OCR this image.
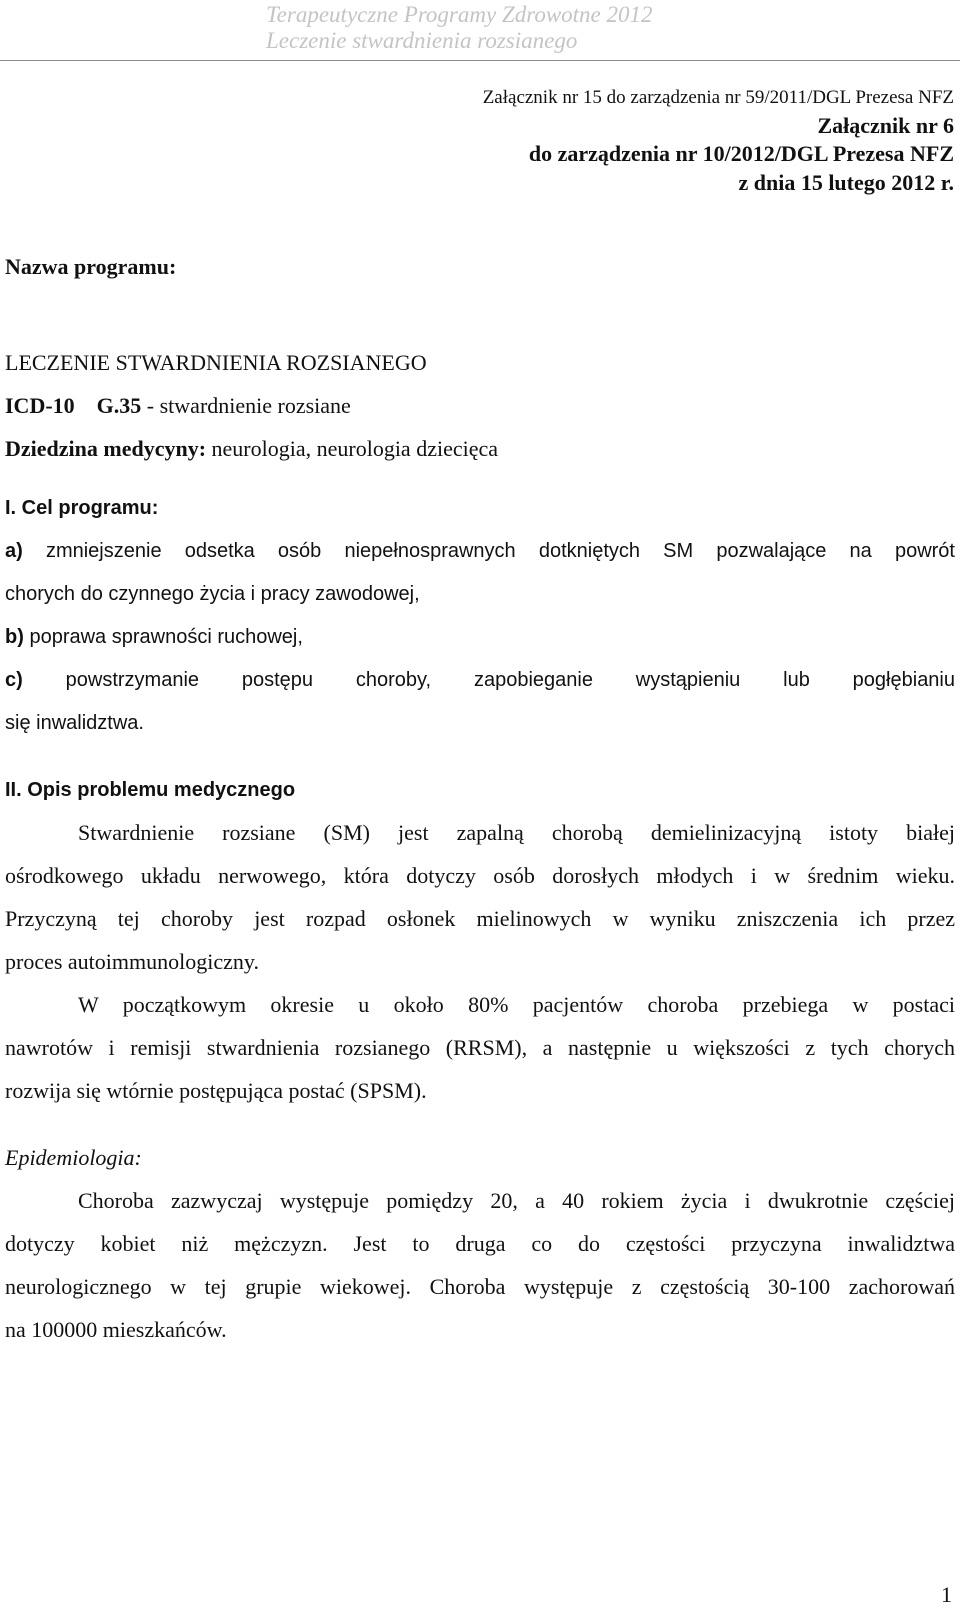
Terapeutyczne Programy Zdrowotne 2012
Leczenie stwardnienia rozsianego
Załącznik nr 15 do zarządzenia nr 59/2011/DGL Prezesa NFZ
Załącznik nr 6
do zarządzenia nr 10/2012/DGL Prezesa NFZ
z dnia 15 lutego 2012 r.
Nazwa programu:
LECZENIE STWARDNIENIA ROZSIANEGO
ICD-10 G.35 - stwardnienie rozsiane
Dziedzina medycyny: neurologia, neurologia dziecięca
I. Cel programu:
a) zmniejszenie odsetka osób niepełnosprawnych dotkniętych SM pozwalające na powrót
chorych do czynnego życia i pracy zawodowej,
b) poprawa sprawności ruchowej,
c) powstrzymanie postępu choroby, zapobieganie wystąpieniu lub pogłębianiu
się inwalidztwa.
II. Opis problemu medycznego
Stwardnienie rozsiane (SM) jest zapalną chorobą demielinizacyjną istoty białej
ośrodkowego układu nerwowego, która dotyczy osób dorosłych młodych i w średnim wieku.
Przyczyną tej choroby jest rozpad osłonek mielinowych w wyniku zniszczenia ich przez
proces autoimmunologiczny.
W początkowym okresie u około 80% pacjentów choroba przebiega w postaci
nawrotów i remisji stwardnienia rozsianego (RRSM), a następnie u większości z tych chorych
rozwija się wtórnie postępująca postać (SPSM).
Epidemiologia:
Choroba zazwyczaj występuje pomiędzy 20, a 40 rokiem życia i dwukrotnie częściej
dotyczy kobiet niż mężczyzn. Jest to druga co do częstości przyczyna inwalidztwa
neurologicznego w tej grupie wiekowej. Choroba występuje z częstością 30-100 zachorowań
na 100000 mieszkańców.
1
